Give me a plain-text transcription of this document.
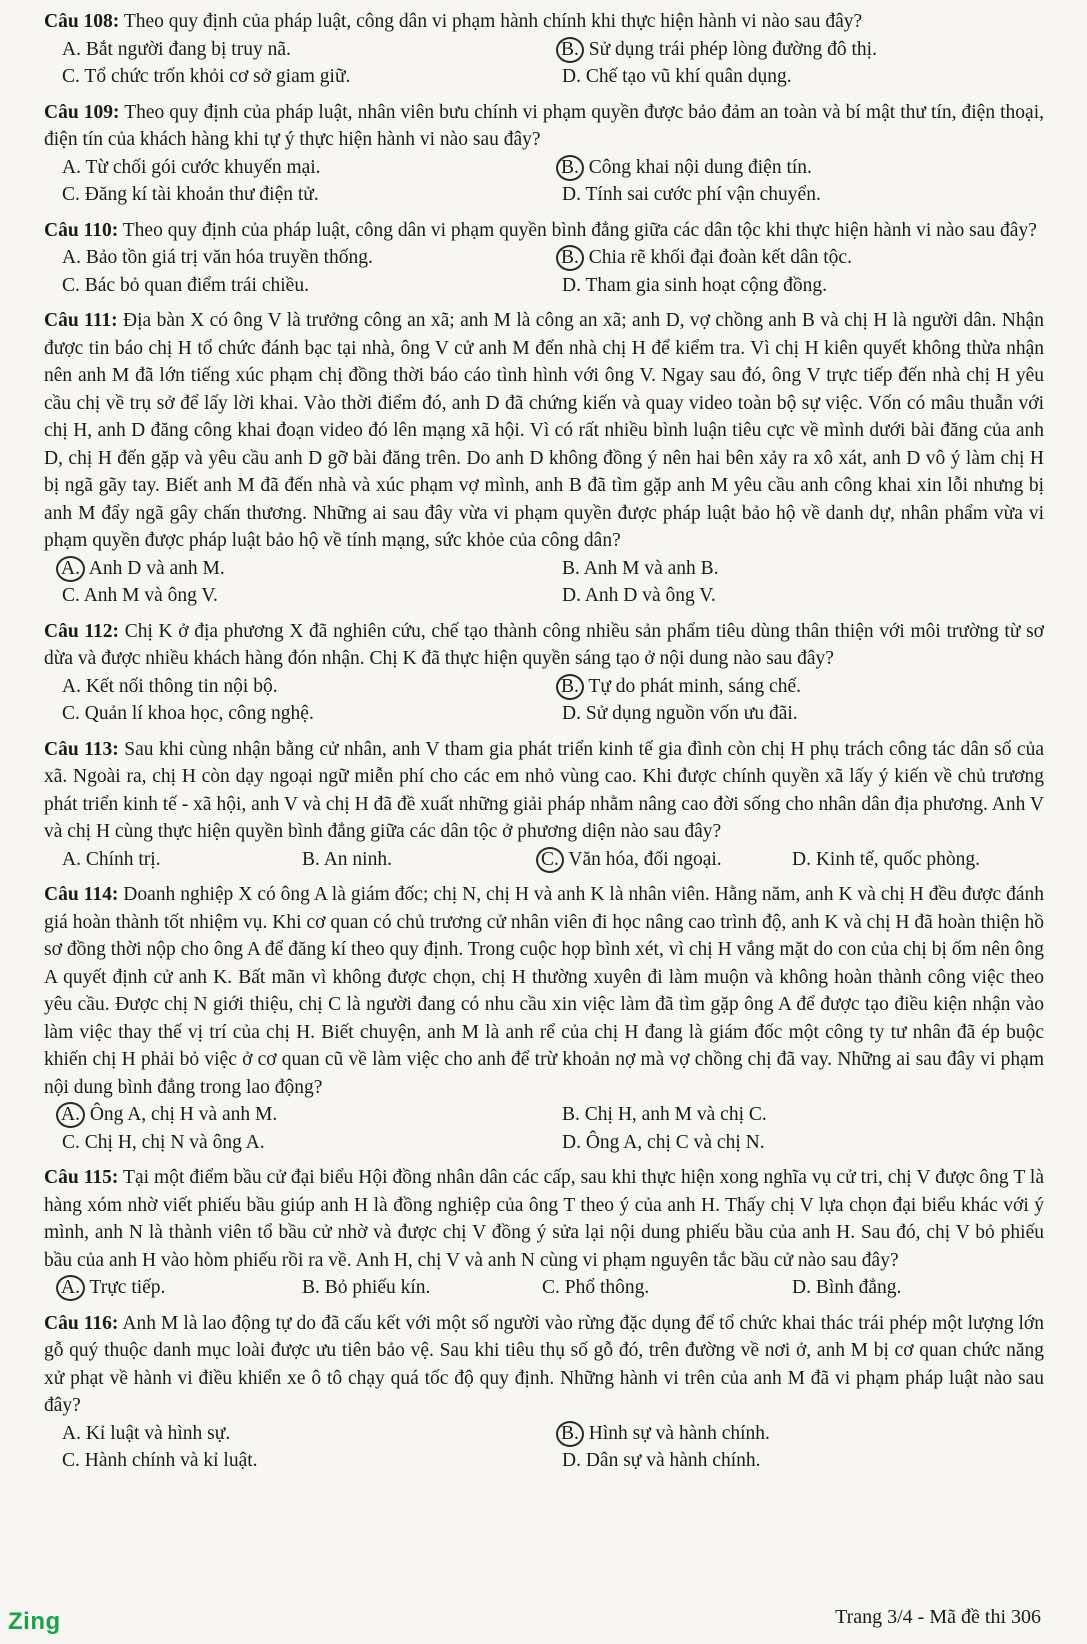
Câu 108: Theo quy định của pháp luật, công dân vi phạm hành chính khi thực hiện hành vi nào sau đây?
A. Bắt người đang bị truy nã.	B. Sử dụng trái phép lòng đường đô thị.
C. Tổ chức trốn khỏi cơ sở giam giữ.	D. Chế tạo vũ khí quân dụng.
Câu 109: Theo quy định của pháp luật, nhân viên bưu chính vi phạm quyền được bảo đảm an toàn và bí mật thư tín, điện thoại, điện tín của khách hàng khi tự ý thực hiện hành vi nào sau đây?
A. Từ chối gói cước khuyến mại.	B. Công khai nội dung điện tín.
C. Đăng kí tài khoản thư điện tử.	D. Tính sai cước phí vận chuyển.
Câu 110: Theo quy định của pháp luật, công dân vi phạm quyền bình đẳng giữa các dân tộc khi thực hiện hành vi nào sau đây?
A. Bảo tồn giá trị văn hóa truyền thống.	B. Chia rẽ khối đại đoàn kết dân tộc.
C. Bác bỏ quan điểm trái chiều.	D. Tham gia sinh hoạt cộng đồng.
Câu 111: Địa bàn X có ông V là trưởng công an xã; anh M là công an xã; anh D, vợ chồng anh B và chị H là người dân. Nhận được tin báo chị H tổ chức đánh bạc tại nhà, ông V cử anh M đến nhà chị H để kiểm tra. Vì chị H kiên quyết không thừa nhận nên anh M đã lớn tiếng xúc phạm chị đồng thời báo cáo tình hình với ông V. Ngay sau đó, ông V trực tiếp đến nhà chị H yêu cầu chị về trụ sở để lấy lời khai. Vào thời điểm đó, anh D đã chứng kiến và quay video toàn bộ sự việc. Vốn có mâu thuẫn với chị H, anh D đăng công khai đoạn video đó lên mạng xã hội. Vì có rất nhiều bình luận tiêu cực về mình dưới bài đăng của anh D, chị H đến gặp và yêu cầu anh D gỡ bài đăng trên. Do anh D không đồng ý nên hai bên xảy ra xô xát, anh D vô ý làm chị H bị ngã gãy tay. Biết anh M đã đến nhà và xúc phạm vợ mình, anh B đã tìm gặp anh M yêu cầu anh công khai xin lỗi nhưng bị anh M đẩy ngã gây chấn thương. Những ai sau đây vừa vi phạm quyền được pháp luật bảo hộ về danh dự, nhân phẩm vừa vi phạm quyền được pháp luật bảo hộ về tính mạng, sức khỏe của công dân?
A. Anh D và anh M.	B. Anh M và anh B.
C. Anh M và ông V.	D. Anh D và ông V.
Câu 112: Chị K ở địa phương X đã nghiên cứu, chế tạo thành công nhiều sản phẩm tiêu dùng thân thiện với môi trường từ sơ dừa và được nhiều khách hàng đón nhận. Chị K đã thực hiện quyền sáng tạo ở nội dung nào sau đây?
A. Kết nối thông tin nội bộ.	B. Tự do phát minh, sáng chế.
C. Quản lí khoa học, công nghệ.	D. Sử dụng nguồn vốn ưu đãi.
Câu 113: Sau khi cùng nhận bằng cử nhân, anh V tham gia phát triển kinh tế gia đình còn chị H phụ trách công tác dân số của xã. Ngoài ra, chị H còn dạy ngoại ngữ miễn phí cho các em nhỏ vùng cao. Khi được chính quyền xã lấy ý kiến về chủ trương phát triển kinh tế - xã hội, anh V và chị H đã đề xuất những giải pháp nhằm nâng cao đời sống cho nhân dân địa phương. Anh V và chị H cùng thực hiện quyền bình đẳng giữa các dân tộc ở phương diện nào sau đây?
A. Chính trị.	B. An ninh.	C. Văn hóa, đối ngoại.	D. Kinh tế, quốc phòng.
Câu 114: Doanh nghiệp X có ông A là giám đốc; chị N, chị H và anh K là nhân viên. Hằng năm, anh K và chị H đều được đánh giá hoàn thành tốt nhiệm vụ. Khi cơ quan có chủ trương cử nhân viên đi học nâng cao trình độ, anh K và chị H đã hoàn thiện hồ sơ đồng thời nộp cho ông A để đăng kí theo quy định. Trong cuộc họp bình xét, vì chị H vắng mặt do con của chị bị ốm nên ông A quyết định cử anh K. Bất mãn vì không được chọn, chị H thường xuyên đi làm muộn và không hoàn thành công việc theo yêu cầu. Được chị N giới thiệu, chị C là người đang có nhu cầu xin việc làm đã tìm gặp ông A để được tạo điều kiện nhận vào làm việc thay thế vị trí của chị H. Biết chuyện, anh M là anh rể của chị H đang là giám đốc một công ty tư nhân đã ép buộc khiến chị H phải bỏ việc ở cơ quan cũ về làm việc cho anh để trừ khoản nợ mà vợ chồng chị đã vay. Những ai sau đây vi phạm nội dung bình đẳng trong lao động?
A. Ông A, chị H và anh M.	B. Chị H, anh M và chị C.
C. Chị H, chị N và ông A.	D. Ông A, chị C và chị N.
Câu 115: Tại một điểm bầu cử đại biểu Hội đồng nhân dân các cấp, sau khi thực hiện xong nghĩa vụ cử tri, chị V được ông T là hàng xóm nhờ viết phiếu bầu giúp anh H là đồng nghiệp của ông T theo ý của anh H. Thấy chị V lựa chọn đại biểu khác với ý mình, anh N là thành viên tổ bầu cử nhờ và được chị V đồng ý sửa lại nội dung phiếu bầu của anh H. Sau đó, chị V bỏ phiếu bầu của anh H vào hòm phiếu rồi ra về. Anh H, chị V và anh N cùng vi phạm nguyên tắc bầu cử nào sau đây?
A. Trực tiếp.	B. Bỏ phiếu kín.	C. Phổ thông.	D. Bình đẳng.
Câu 116: Anh M là lao động tự do đã cấu kết với một số người vào rừng đặc dụng để tổ chức khai thác trái phép một lượng lớn gỗ quý thuộc danh mục loài được ưu tiên bảo vệ. Sau khi tiêu thụ số gỗ đó, trên đường về nơi ở, anh M bị cơ quan chức năng xử phạt về hành vi điều khiển xe ô tô chạy quá tốc độ quy định. Những hành vi trên của anh M đã vi phạm pháp luật nào sau đây?
A. Kỉ luật và hình sự.	B. Hình sự và hành chính.
C. Hành chính và kỉ luật.	D. Dân sự và hành chính.
Zing	Trang 3/4 - Mã đề thi 306
